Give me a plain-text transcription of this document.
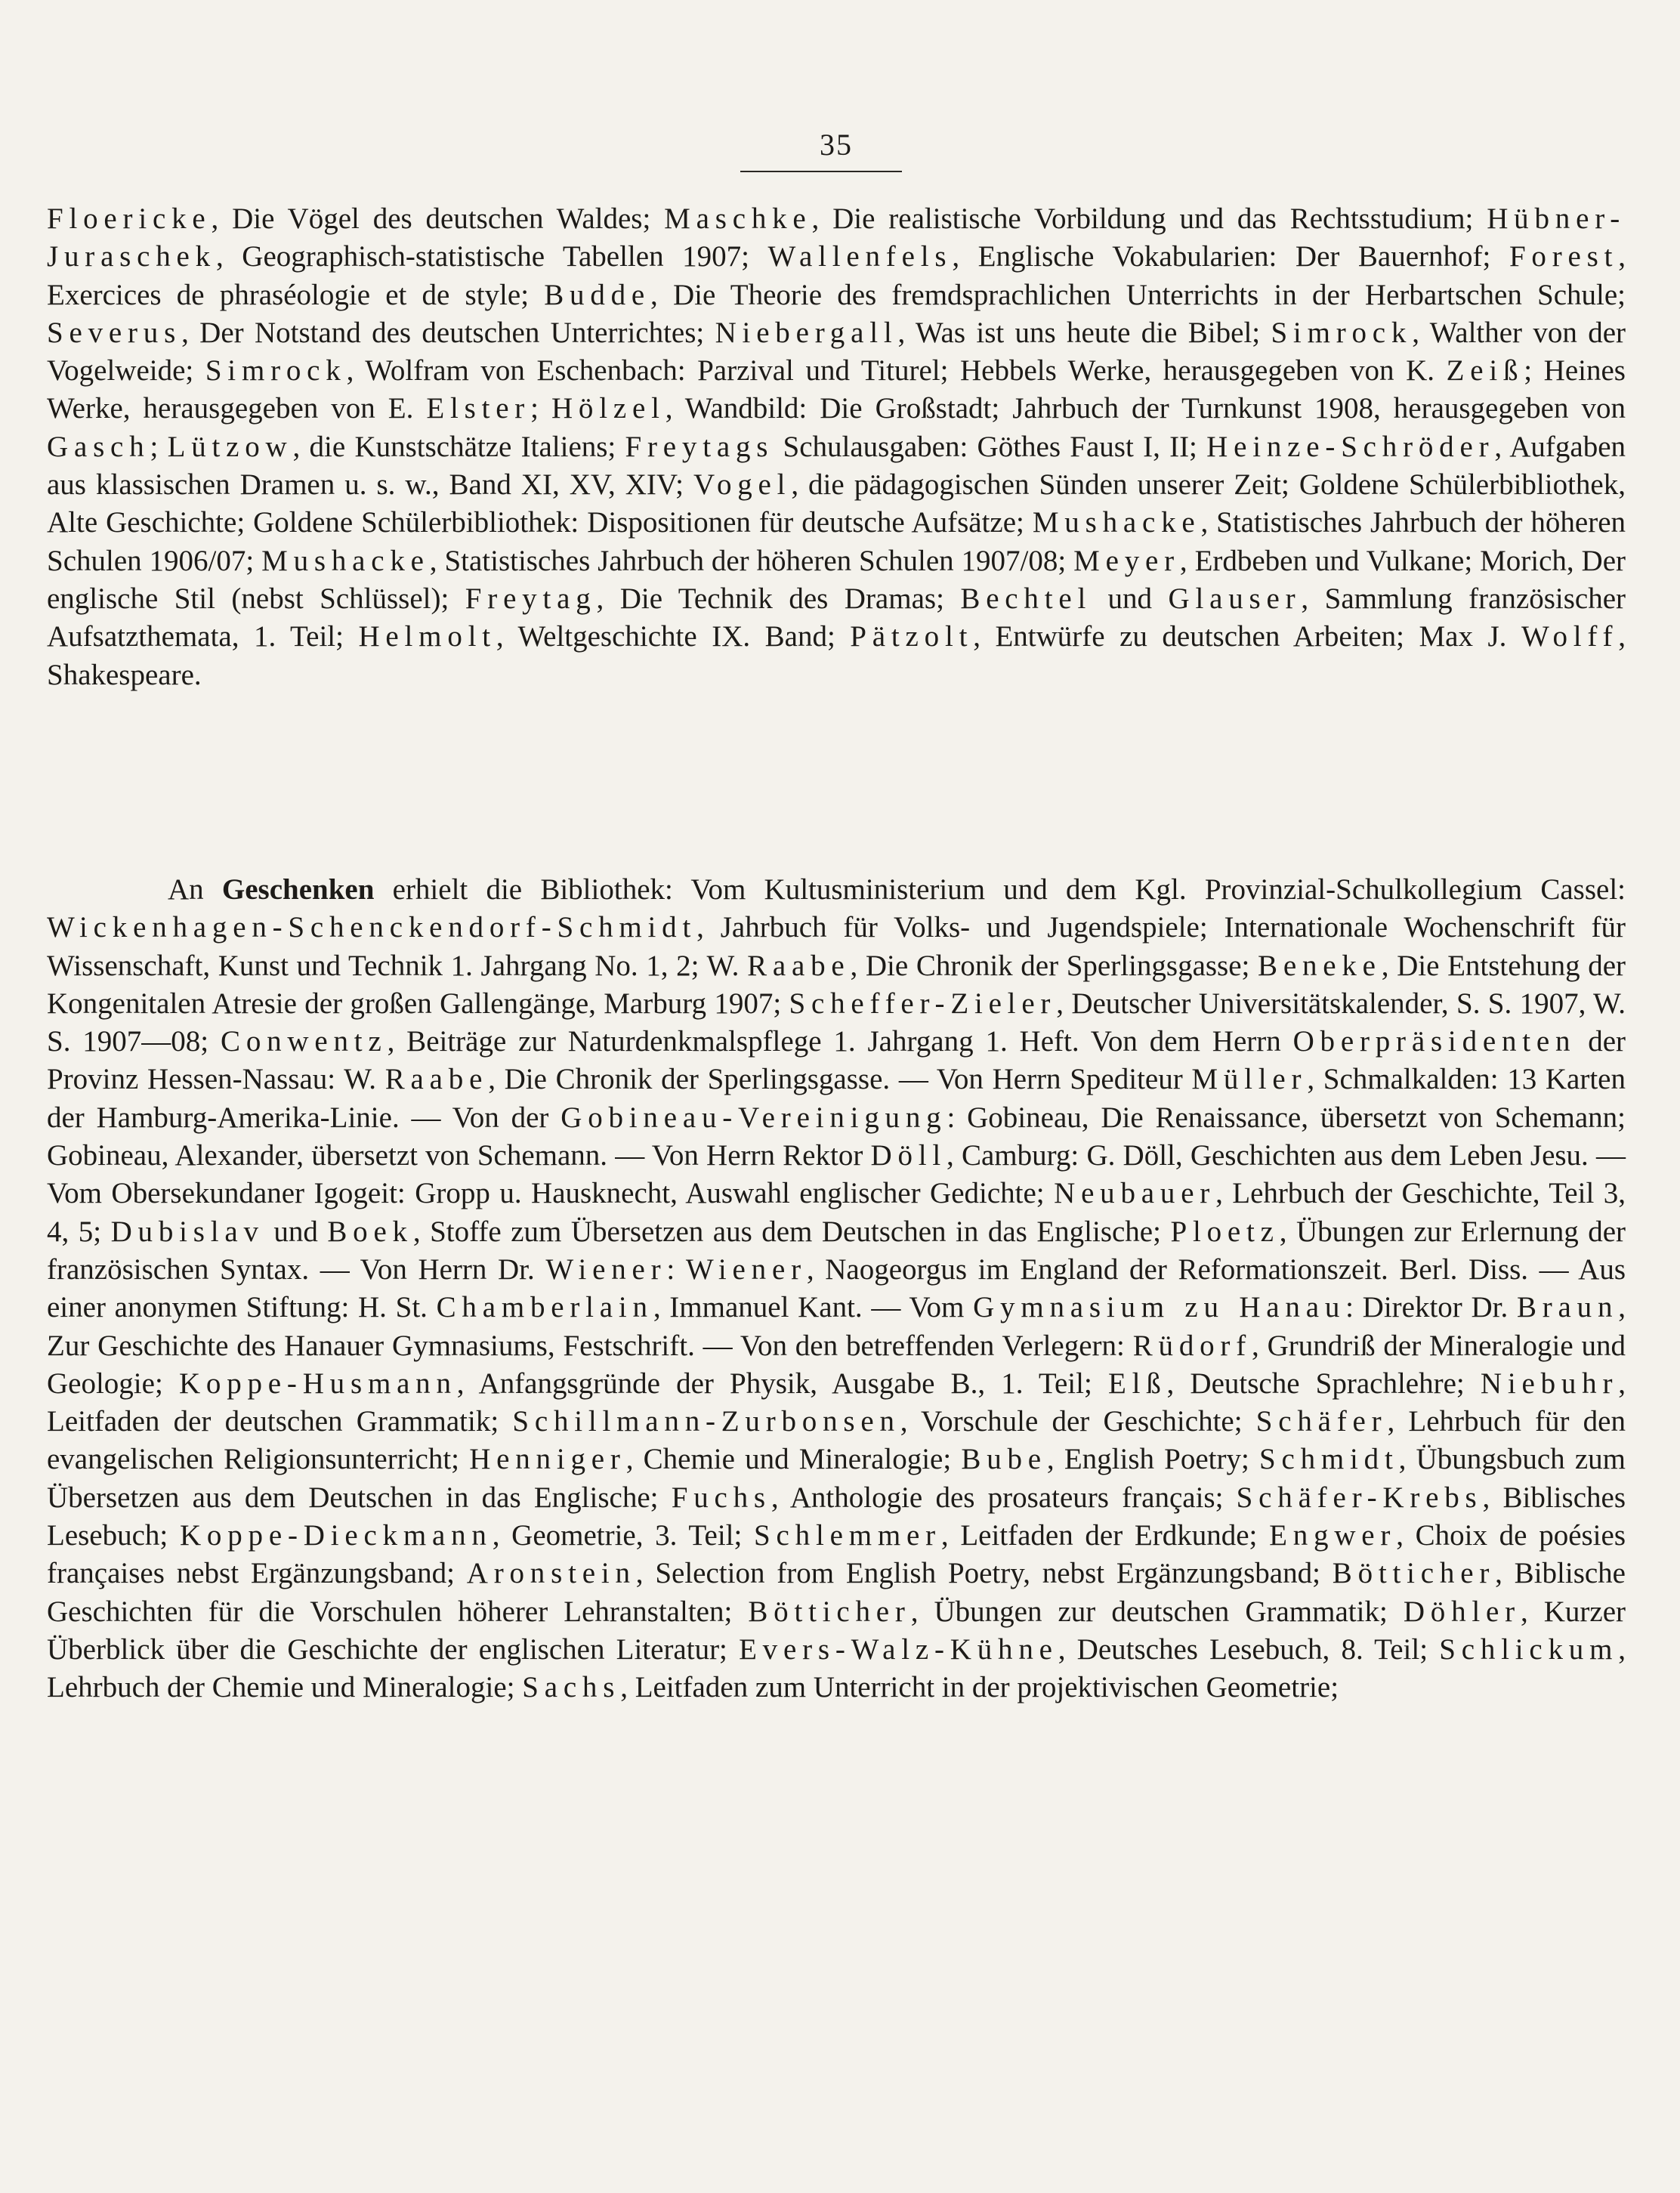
35

Floericke, Die Vögel des deutschen Waldes; Maschke, Die realistische Vorbildung und das Rechtsstudium; Hübner-Juraschek, Geographisch-statistische Tabellen 1907; Wallenfels, Englische Vokabularien: Der Bauernhof; Forest, Exercices de phraséologie et de style; Budde, Die Theorie des fremdsprachlichen Unterrichts in der Herbartschen Schule; Severus, Der Notstand des deutschen Unterrichtes; Niebergall, Was ist uns heute die Bibel; Simrock, Walther von der Vogelweide; Simrock, Wolfram von Eschenbach: Parzival und Titurel; Hebbels Werke, herausgegeben von K. Zeiß; Heines Werke, herausgegeben von E. Elster; Hölzel, Wandbild: Die Großstadt; Jahrbuch der Turnkunst 1908, herausgegeben von Gasch; Lützow, die Kunstschätze Italiens; Freytags Schulausgaben: Göthes Faust I, II; Heinze-Schröder, Aufgaben aus klassischen Dramen u. s. w., Band XI, XV, XIV; Vogel, die pädagogischen Sünden unserer Zeit; Goldene Schülerbibliothek, Alte Geschichte; Goldene Schülerbibliothek: Dispositionen für deutsche Aufsätze; Mushacke, Statistisches Jahrbuch der höheren Schulen 1906/07; Mushacke, Statistisches Jahrbuch der höheren Schulen 1907/08; Meyer, Erdbeben und Vulkane; Morich, Der englische Stil (nebst Schlüssel); Freytag, Die Technik des Dramas; Bechtel und Glauser, Sammlung französischer Aufsatzthemata, 1. Teil; Helmolt, Weltgeschichte IX. Band; Pätzolt, Entwürfe zu deutschen Arbeiten; Max J. Wolff, Shakespeare.

An Geschenken erhielt die Bibliothek: Vom Kultusministerium und dem Kgl. Provinzial-Schulkollegium Cassel: Wickenhagen-Schenckendorf-Schmidt, Jahrbuch für Volks- und Jugendspiele; Internationale Wochenschrift für Wissenschaft, Kunst und Technik 1. Jahrgang No. 1, 2; W. Raabe, Die Chronik der Sperlingsgasse; Beneke, Die Entstehung der Kongenitalen Atresie der großen Gallengänge, Marburg 1907; Scheffer-Zieler, Deutscher Universitätskalender, S. S. 1907, W. S. 1907—08; Conwentz, Beiträge zur Naturdenkmalspflege 1. Jahrgang 1. Heft. Von dem Herrn Oberpräsidenten der Provinz Hessen-Nassau: W. Raabe, Die Chronik der Sperlingsgasse. — Von Herrn Spediteur Müller, Schmalkalden: 13 Karten der Hamburg-Amerika-Linie. — Von der Gobineau-Vereinigung: Gobineau, Die Renaissance, übersetzt von Schemann; Gobineau, Alexander, übersetzt von Schemann. — Von Herrn Rektor Döll, Camburg: G. Döll, Geschichten aus dem Leben Jesu. — Vom Obersekundaner Igogeit: Gropp u. Hausknecht, Auswahl englischer Gedichte; Neubauer, Lehrbuch der Geschichte, Teil 3, 4, 5; Dubislav und Boek, Stoffe zum Übersetzen aus dem Deutschen in das Englische; Ploetz, Übungen zur Erlernung der französischen Syntax. — Von Herrn Dr. Wiener: Wiener, Naogeorgus im England der Reformationszeit. Berl. Diss. — Aus einer anonymen Stiftung: H. St. Chamberlain, Immanuel Kant. — Vom Gymnasium zu Hanau: Direktor Dr. Braun, Zur Geschichte des Hanauer Gymnasiums, Festschrift. — Von den betreffenden Verlegern: Rüdorf, Grundriß der Mineralogie und Geologie; Koppe-Husmann, Anfangsgründe der Physik, Ausgabe B., 1. Teil; Elß, Deutsche Sprachlehre; Niebuhr, Leitfaden der deutschen Grammatik; Schillmann-Zurbonsen, Vorschule der Geschichte; Schäfer, Lehrbuch für den evangelischen Religionsunterricht; Henniger, Chemie und Mineralogie; Bube, English Poetry; Schmidt, Übungsbuch zum Übersetzen aus dem Deutschen in das Englische; Fuchs, Anthologie des prosateurs français; Schäfer-Krebs, Biblisches Lesebuch; Koppe-Dieckmann, Geometrie, 3. Teil; Schlemmer, Leitfaden der Erdkunde; Engwer, Choix de poésies françaises nebst Ergänzungsband; Aronstein, Selection from English Poetry, nebst Ergänzungsband; Bötticher, Biblische Geschichten für die Vorschulen höherer Lehranstalten; Bötticher, Übungen zur deutschen Grammatik; Döhler, Kurzer Überblick über die Geschichte der englischen Literatur; Evers-Walz-Kühne, Deutsches Lesebuch, 8. Teil; Schlickum, Lehrbuch der Chemie und Mineralogie; Sachs, Leitfaden zum Unterricht in der projektivischen Geometrie;
